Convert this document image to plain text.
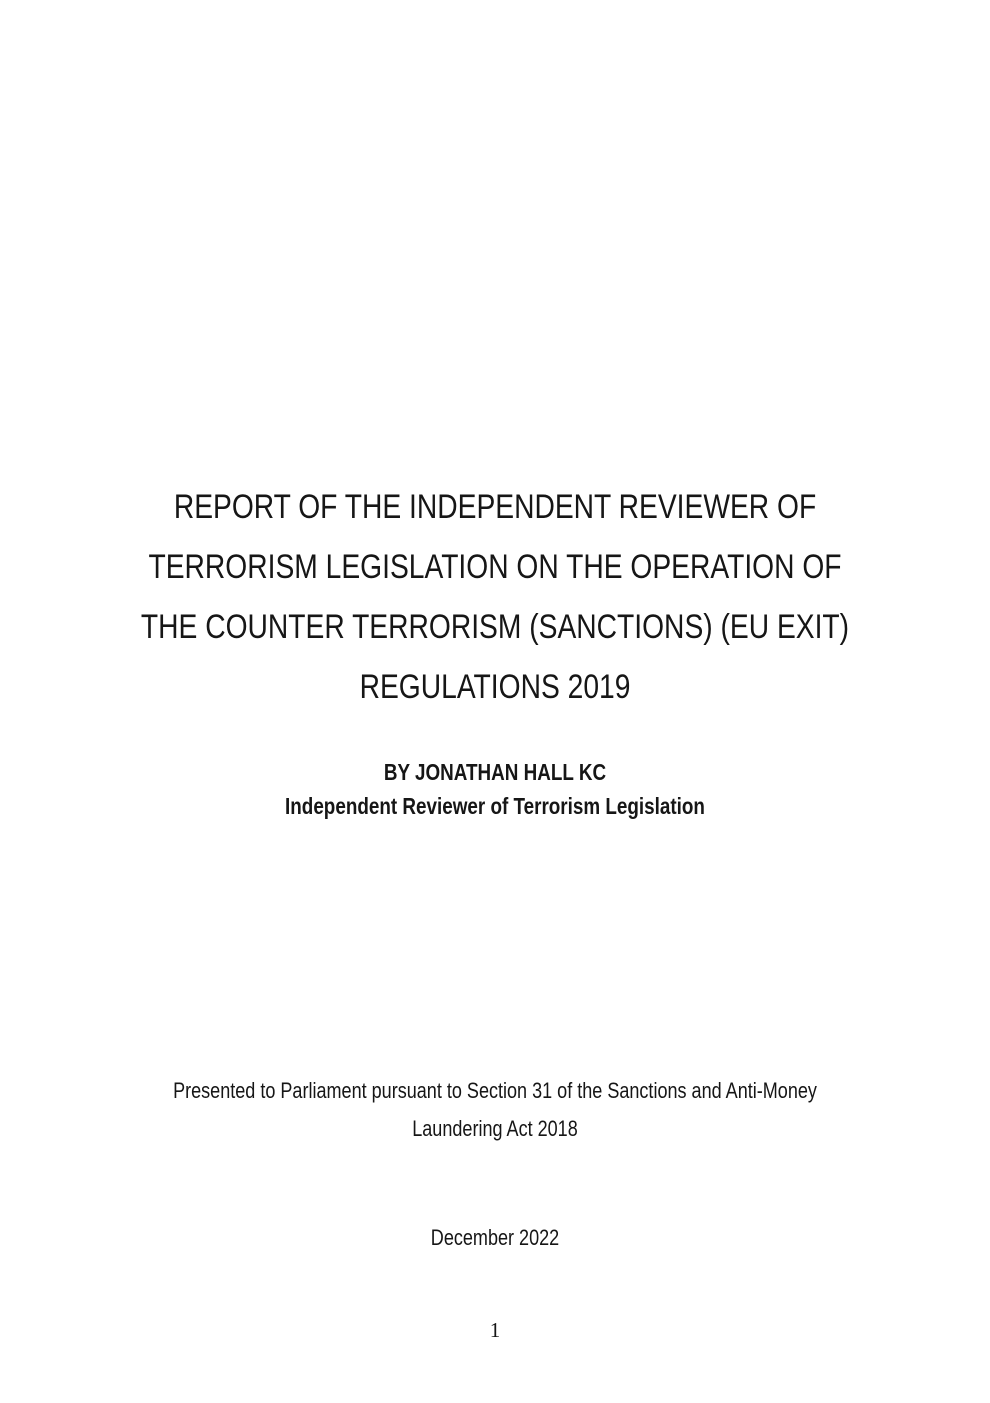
REPORT OF THE INDEPENDENT REVIEWER OF
TERRORISM LEGISLATION ON THE OPERATION OF
THE COUNTER TERRORISM (SANCTIONS) (EU EXIT)
REGULATIONS 2019
BY JONATHAN HALL KC
Independent Reviewer of Terrorism Legislation
Presented to Parliament pursuant to Section 31 of the Sanctions and Anti-Money
Laundering Act 2018
December 2022
1
